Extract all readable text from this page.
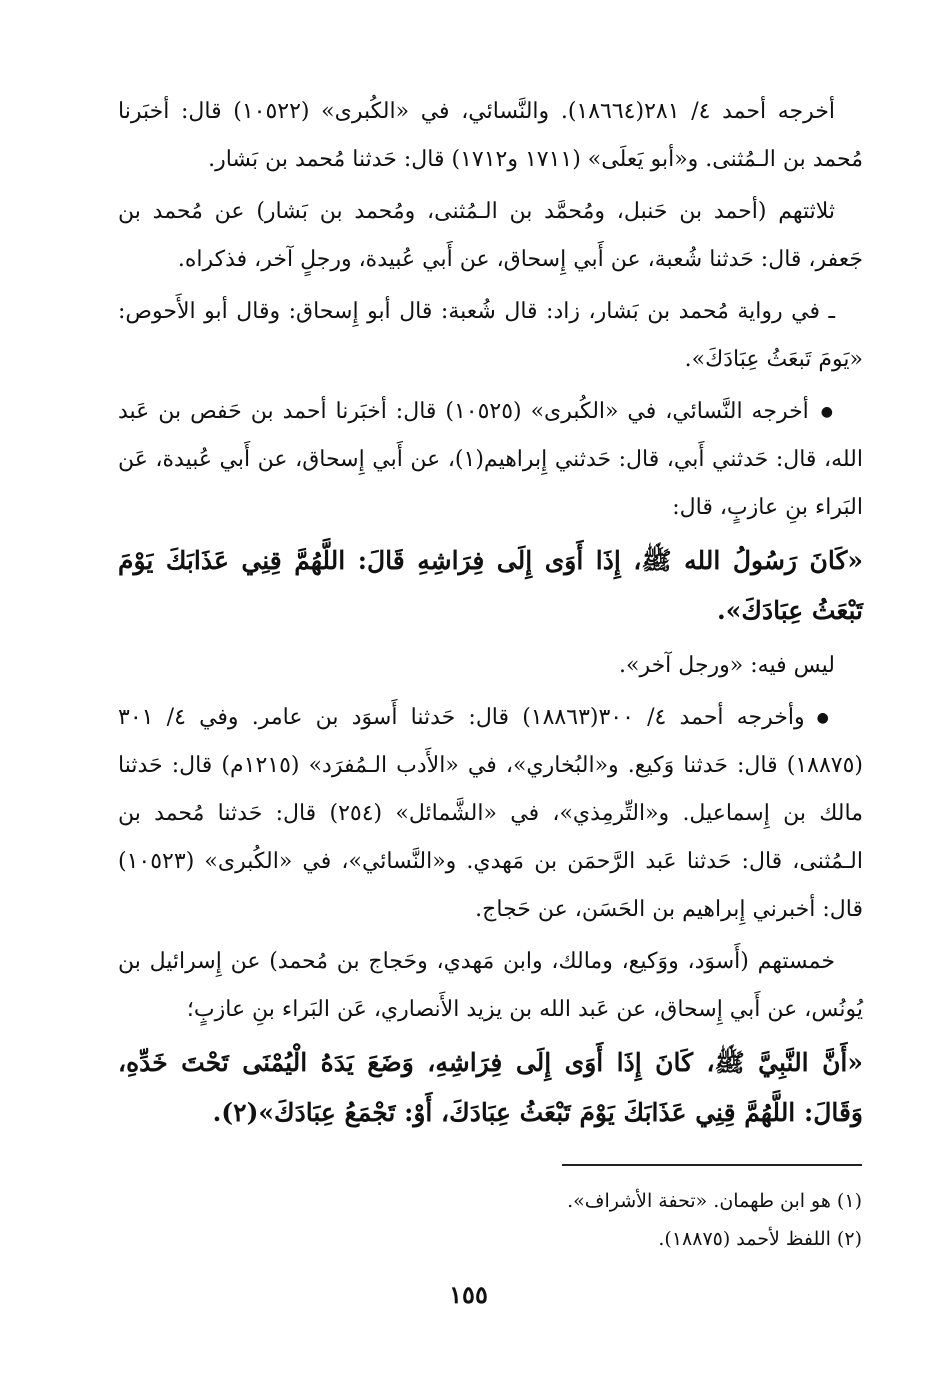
أخرجه أحمد ٤/ ٢٨١(١٨٦٦٤). والنَّسائي، في «الكُبرى» (١٠٥٢٢) قال: أخبَرنا مُحمد بن الـمُثنى. و«أبو يَعلَى» (١٧١١ و١٧١٢) قال: حَدثنا مُحمد بن بَشار.

ثلاثتهم (أحمد بن حَنبل، ومُحمَّد بن الـمُثنى، ومُحمد بن بَشار) عن مُحمد بن جَعفر، قال: حَدثنا شُعبة، عن أَبي إِسحاق، عن أَبي عُبيدة، ورجلٍ آخر، فذكراه.

ـ في رواية مُحمد بن بَشار، زاد: قال شُعبة: قال أبو إِسحاق: وقال أبو الأَحوص: «يَومَ تَبعَثُ عِبَادَكَ».

● أخرجه النَّسائي، في «الكُبرى» (١٠٥٢٥) قال: أخبَرنا أحمد بن حَفص بن عَبد الله، قال: حَدثني أَبي، قال: حَدثني إِبراهيم(١)، عن أَبي إِسحاق، عن أَبي عُبيدة، عَن البَراء بنِ عازبٍ، قال:

«كَانَ رَسُولُ الله ﷺ، إِذَا أَوَى إِلَى فِرَاشِهِ قَالَ: اللَّهُمَّ قِنِي عَذَابَكَ يَوْمَ تَبْعَثُ عِبَادَكَ».

ليس فيه: «ورجل آخر».

● وأخرجه أحمد ٤/ ٣٠٠(١٨٨٦٣) قال: حَدثنا أَسوَد بن عامر. وفي ٤/ ٣٠١ (١٨٨٧٥) قال: حَدثنا وَكيع. و«البُخاري»، في «الأَدب الـمُفرَد» (١٢١٥م) قال: حَدثنا مالك بن إِسماعيل. و«التِّرمِذي»، في «الشَّمائل» (٢٥٤) قال: حَدثنا مُحمد بن الـمُثنى، قال: حَدثنا عَبد الرَّحمَن بن مَهدي. و«النَّسائي»، في «الكُبرى» (١٠٥٢٣) قال: أخبرني إِبراهيم بن الحَسَن، عن حَجاج.

خمستهم (أَسوَد، ووَكيع، ومالك، وابن مَهدي، وحَجاج بن مُحمد) عن إِسرائيل بن يُونُس، عن أَبي إِسحاق، عن عَبد الله بن يزيد الأَنصاري، عَن البَراء بنِ عازبٍ؛

«أَنَّ النَّبِيَّ ﷺ، كَانَ إِذَا أَوَى إِلَى فِرَاشِهِ، وَضَعَ يَدَهُ الْيُمْنَى تَحْتَ خَدِّهِ، وَقَالَ: اللَّهُمَّ قِنِي عَذَابَكَ يَوْمَ تَبْعَثُ عِبَادَكَ، أَوْ: تَجْمَعُ عِبَادَكَ»(٢).

(١) هو ابن طهمان. «تحفة الأشراف».
(٢) اللفظ لأحمد (١٨٨٧٥).
١٥٥
